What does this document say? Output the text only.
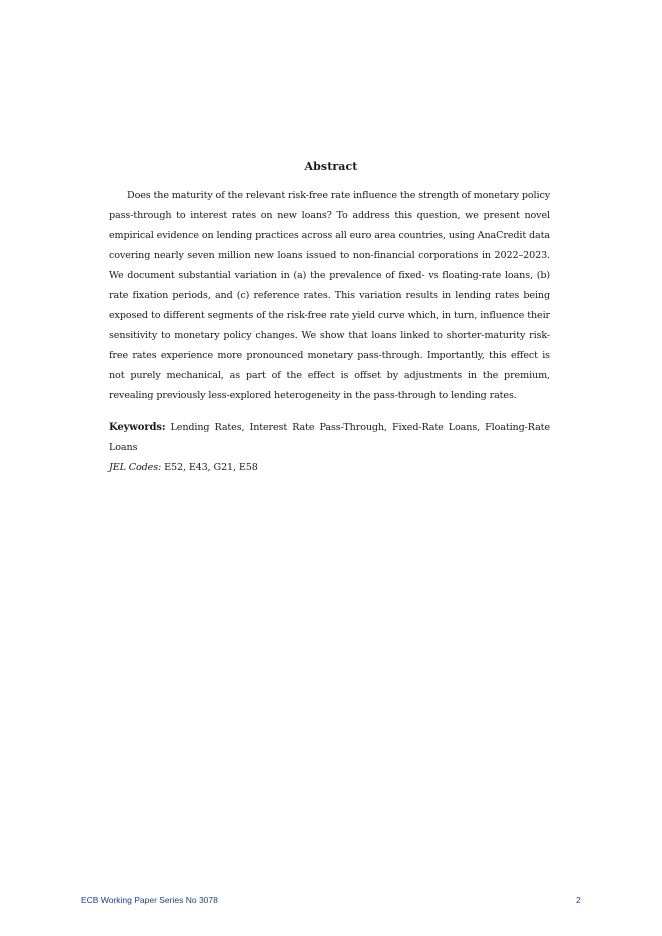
Abstract

Does the maturity of the relevant risk-free rate influence the strength of monetary policy pass-through to interest rates on new loans? To address this question, we present novel empirical evidence on lending practices across all euro area countries, using AnaCredit data covering nearly seven million new loans issued to non-financial corporations in 2022–2023. We document substantial variation in (a) the prevalence of fixed- vs floating-rate loans, (b) rate fixation periods, and (c) reference rates. This variation results in lending rates being exposed to different segments of the risk-free rate yield curve which, in turn, influence their sensitivity to monetary policy changes. We show that loans linked to shorter-maturity risk-free rates experience more pronounced monetary pass-through. Importantly, this effect is not purely mechanical, as part of the effect is offset by adjustments in the premium, revealing previously less-explored heterogeneity in the pass-through to lending rates.

Keywords: Lending Rates, Interest Rate Pass-Through, Fixed-Rate Loans, Floating-Rate Loans

JEL Codes: E52, E43, G21, E58

ECB Working Paper Series No 3078	2
